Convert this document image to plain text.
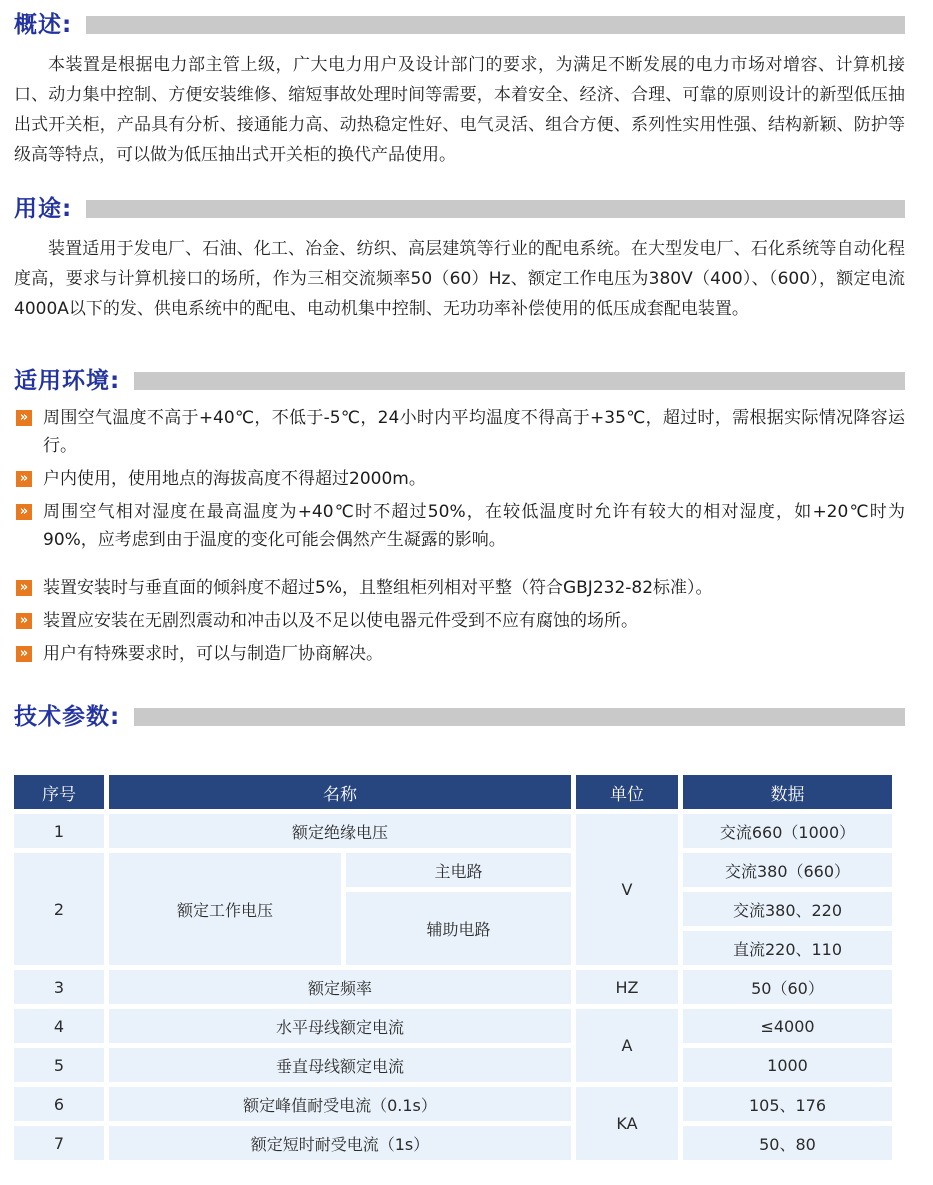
概述:

本装置是根据电力部主管上级，广大电力用户及设计部门的要求，为满足不断发展的电力市场对增容、计算机接口、动力集中控制、方便安装维修、缩短事故处理时间等需要，本着安全、经济、合理、可靠的原则设计的新型低压抽出式开关柜，产品具有分析、接通能力高、动热稳定性好、电气灵活、组合方便、系列性实用性强、结构新颖、防护等级高等特点，可以做为低压抽出式开关柜的换代产品使用。

用途:

装置适用于发电厂、石油、化工、冶金、纺织、高层建筑等行业的配电系统。在大型发电厂、石化系统等自动化程度高，要求与计算机接口的场所，作为三相交流频率50（60）Hz、额定工作电压为380V（400）、（600），额定电流4000A以下的发、供电系统中的配电、电动机集中控制、无功功率补偿使用的低压成套配电装置。

适用环境:
» 周围空气温度不高于+40℃，不低于-5℃，24小时内平均温度不得高于+35℃，超过时，需根据实际情况降容运行。
» 户内使用，使用地点的海拔高度不得超过2000m。
» 周围空气相对湿度在最高温度为+40℃时不超过50%，在较低温度时允许有较大的相对湿度，如+20℃时为90%，应考虑到由于温度的变化可能会偶然产生凝露的影响。
» 装置安装时与垂直面的倾斜度不超过5%，且整组柜列相对平整（符合GBJ232-82标准）。
» 装置应安装在无剧烈震动和冲击以及不足以使电器元件受到不应有腐蚀的场所。
» 用户有特殊要求时，可以与制造厂协商解决。
技术参数:
序号	名称		单位	数据
1	额定绝缘电压		V	交流660（1000）
2	额定工作电压	主电路		交流380（660）
		辅助电路		交流380、220
				直流220、110
3	额定频率		HZ	50（60）
4	水平母线额定电流		A	≤4000
5	垂直母线额定电流			1000
6	额定峰值耐受电流（0.1s）		KA	105、176
7	额定短时耐受电流（1s）			50、80
